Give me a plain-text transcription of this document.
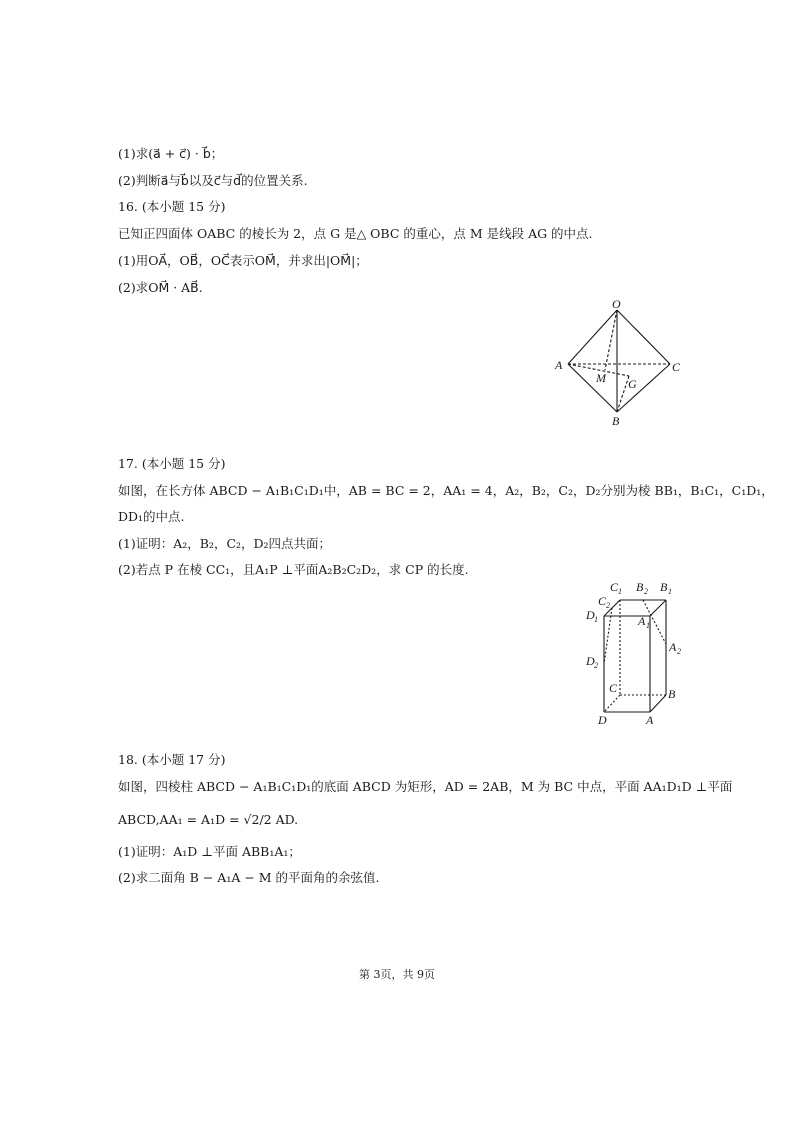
(1)求(a⃗ + c⃗) · b⃗；
(2)判断a⃗与b⃗以及c⃗与d⃗的位置关系.
16. (本小题 15 分)
已知正四面体 OABC 的棱长为 2，点 G 是△ OBC 的重心，点 M 是线段 AG 的中点.
(1)用OA⃗，OB⃗，OC⃗表示OM⃗，并求出|OM⃗|；
(2)求OM⃗ · AB⃗.
O
A	C
B
M G
17. (本小题 15 分)
如图，在长方体 ABCD − A₁B₁C₁D₁中，AB = BC = 2，AA₁ = 4，A₂，B₂，C₂，D₂分别为棱 BB₁，B₁C₁，C₁D₁，
DD₁的中点.
(1)证明：A₂，B₂，C₂，D₂四点共面；
(2)若点 P 在棱 CC₁，且A₁P ⊥平面A₂B₂C₂D₂，求 CP 的长度.
C 1 B 2 B 1
C 2
D 1	A 1
A 2
D 2
C	B
D	A
18. (本小题 17 分)
如图，四棱柱 ABCD − A₁B₁C₁D₁的底面 ABCD 为矩形，AD = 2AB，M 为 BC 中点，平面 AA₁D₁D ⊥平面
ABCD,AA₁ = A₁D = √2/2 AD.
(1)证明：A₁D ⊥平面 ABB₁A₁；
(2)求二面角 B − A₁A − M 的平面角的余弦值.
第 3页，共 9页
